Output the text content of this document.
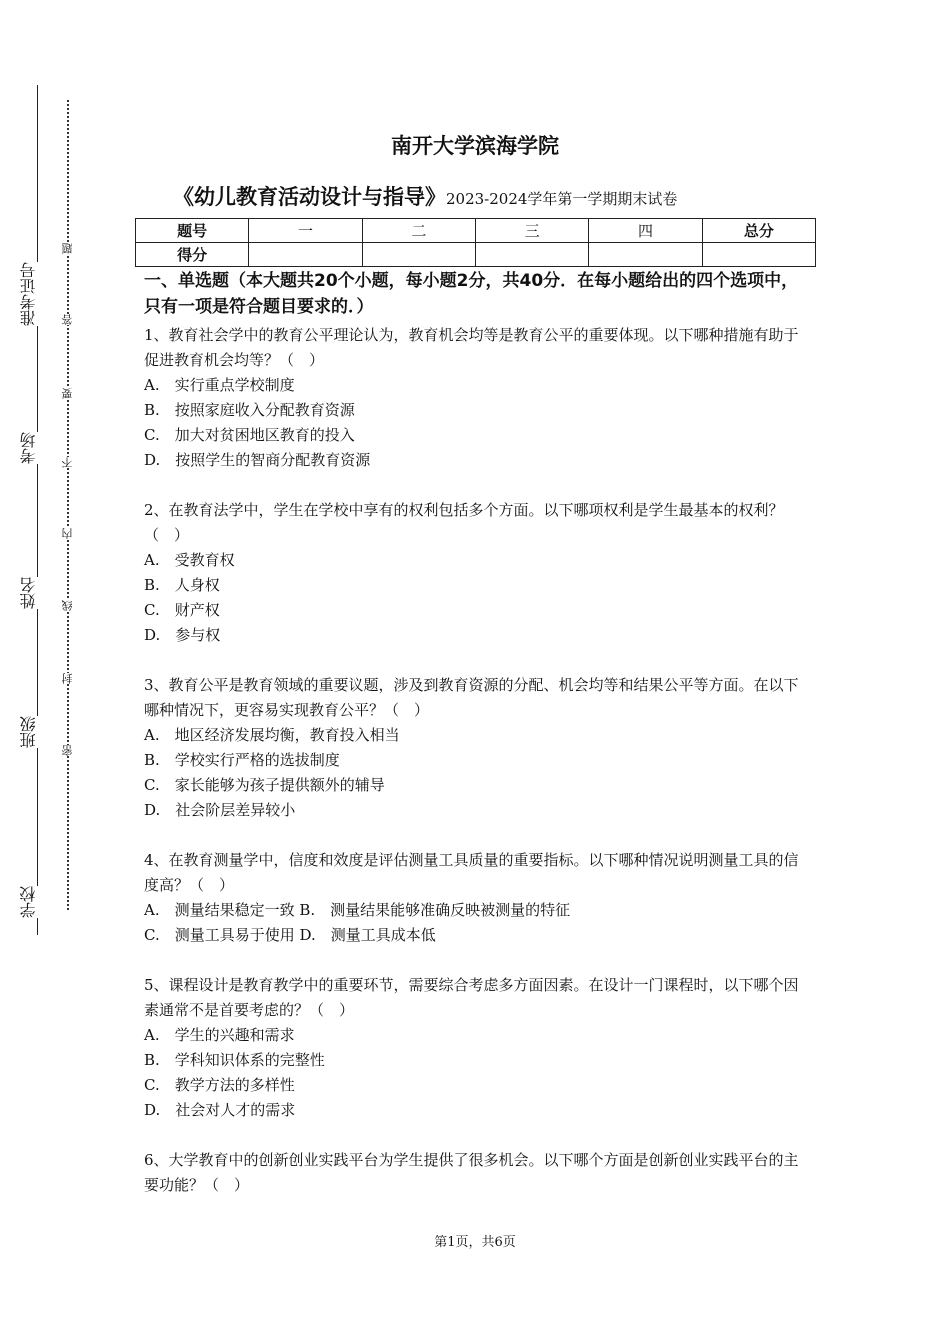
准考证号
考场
姓名
班级
学校
题
答
要
不
内
线
封
密
南开大学滨海学院
《幼儿教育活动设计与指导》2023-2024学年第一学期期末试卷
题号	一	二	三	四	总分
得分					

一、单选题（本大题共20个小题，每小题2分，共40分．在每小题给出的四个选项中，只有一项是符合题目要求的．）

1、教育社会学中的教育公平理论认为，教育机会均等是教育公平的重要体现。以下哪种措施有助于促进教育机会均等？（　）

A.　实行重点学校制度

B.　按照家庭收入分配教育资源

C.　加大对贫困地区教育的投入

D.　按照学生的智商分配教育资源

2、在教育法学中，学生在学校中享有的权利包括多个方面。以下哪项权利是学生最基本的权利？（　）

A.　受教育权

B.　人身权

C.　财产权

D.　参与权

3、教育公平是教育领域的重要议题，涉及到教育资源的分配、机会均等和结果公平等方面。在以下哪种情况下，更容易实现教育公平？（　）

A.　地区经济发展均衡，教育投入相当

B.　学校实行严格的选拔制度

C.　家长能够为孩子提供额外的辅导

D.　社会阶层差异较小

4、在教育测量学中，信度和效度是评估测量工具质量的重要指标。以下哪种情况说明测量工具的信度高？（　）

A.　测量结果稳定一致 B.　测量结果能够准确反映被测量的特征

C.　测量工具易于使用 D.　测量工具成本低

5、课程设计是教育教学中的重要环节，需要综合考虑多方面因素。在设计一门课程时，以下哪个因素通常不是首要考虑的？（　）

A.　学生的兴趣和需求

B.　学科知识体系的完整性

C.　教学方法的多样性

D.　社会对人才的需求

6、大学教育中的创新创业实践平台为学生提供了很多机会。以下哪个方面是创新创业实践平台的主要功能？（　）

第1页，共6页
